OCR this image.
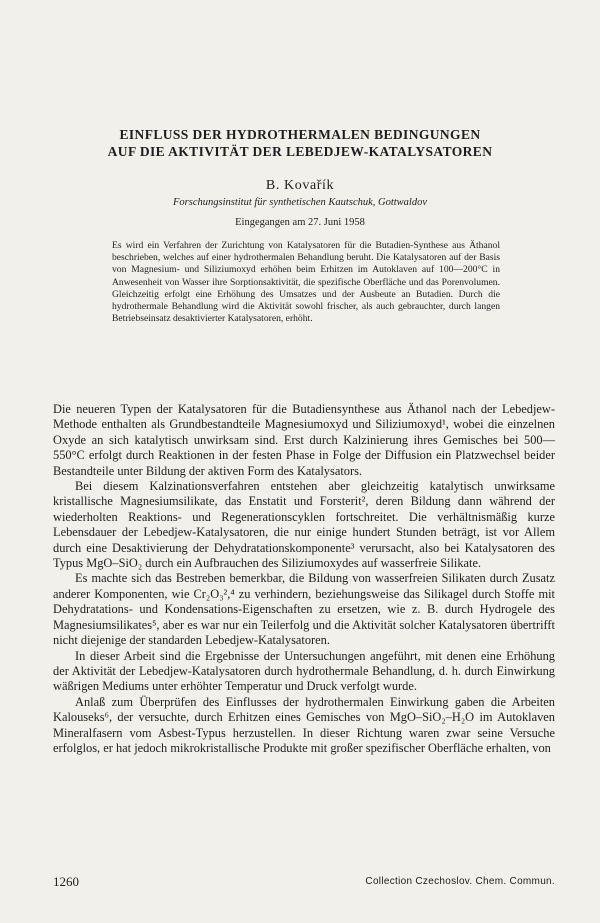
EINFLUSS DER HYDROTHERMALEN BEDINGUNGEN
AUF DIE AKTIVITÄT DER LEBEDJEW-KATALYSATOREN
B. Kovařík
Forschungsinstitut für synthetischen Kautschuk, Gottwaldov
Eingegangen am 27. Juni 1958
Es wird ein Verfahren der Zurichtung von Katalysatoren für die Butadien-Synthese aus Äthanol beschrieben, welches auf einer hydrothermalen Behandlung beruht. Die Katalysatoren auf der Basis von Magnesium- und Siliziumoxyd erhöhen beim Erhitzen im Autoklaven auf 100—200°C in Anwesenheit von Wasser ihre Sorptionsaktivität, die spezifische Oberfläche und das Porenvolumen. Gleichzeitig erfolgt eine Erhöhung des Umsatzes und der Ausbeute an Butadien. Durch die hydrothermale Behandlung wird die Aktivität sowohl frischer, als auch gebrauchter, durch langen Betriebseinsatz desaktivierter Katalysatoren, erhöht.

Die neueren Typen der Katalysatoren für die Butadiensynthese aus Äthanol nach der Lebedjew-Methode enthalten als Grundbestandteile Magnesiumoxyd und Siliziumoxyd¹, wobei die einzelnen Oxyde an sich katalytisch unwirksam sind. Erst durch Kalzinierung ihres Gemisches bei 500—550°C erfolgt durch Reaktionen in der festen Phase in Folge der Diffusion ein Platzwechsel beider Bestandteile unter Bildung der aktiven Form des Katalysators.

Bei diesem Kalzinationsverfahren entstehen aber gleichzeitig katalytisch unwirksame kristallische Magnesiumsilikate, das Enstatit und Forsterit², deren Bildung dann während der wiederholten Reaktions- und Regenerationscyklen fortschreitet. Die verhältnismäßig kurze Lebensdauer der Lebedjew-Katalysatoren, die nur einige hundert Stunden beträgt, ist vor Allem durch eine Desaktivierung der Dehydratationskomponente³ verursacht, also bei Katalysatoren des Typus MgO–SiO₂ durch ein Aufbrauchen des Siliziumoxydes auf wasserfreie Silikate.

Es machte sich das Bestreben bemerkbar, die Bildung von wasserfreien Silikaten durch Zusatz anderer Komponenten, wie Cr₂O₃²,⁴ zu verhindern, beziehungsweise das Silikagel durch Stoffe mit Dehydratations- und Kondensations-Eigenschaften zu ersetzen, wie z. B. durch Hydrogele des Magnesiumsilikates⁵, aber es war nur ein Teilerfolg und die Aktivität solcher Katalysatoren übertrifft nicht diejenige der standarden Lebedjew-Katalysatoren.

In dieser Arbeit sind die Ergebnisse der Untersuchungen angeführt, mit denen eine Erhöhung der Aktivität der Lebedjew-Katalysatoren durch hydrothermale Behandlung, d. h. durch Einwirkung wäßrigen Mediums unter erhöhter Temperatur und Druck verfolgt wurde.

Anlaß zum Überprüfen des Einflusses der hydrothermalen Einwirkung gaben die Arbeiten Kalouseks⁶, der versuchte, durch Erhitzen eines Gemisches von MgO–SiO₂–H₂O im Autoklaven Mineralfasern vom Asbest-Typus herzustellen. In dieser Richtung waren zwar seine Versuche erfolglos, er hat jedoch mikrokristallische Produkte mit großer spezifischer Oberfläche erhalten, von

1260	Collection Czechoslov. Chem. Commun.
